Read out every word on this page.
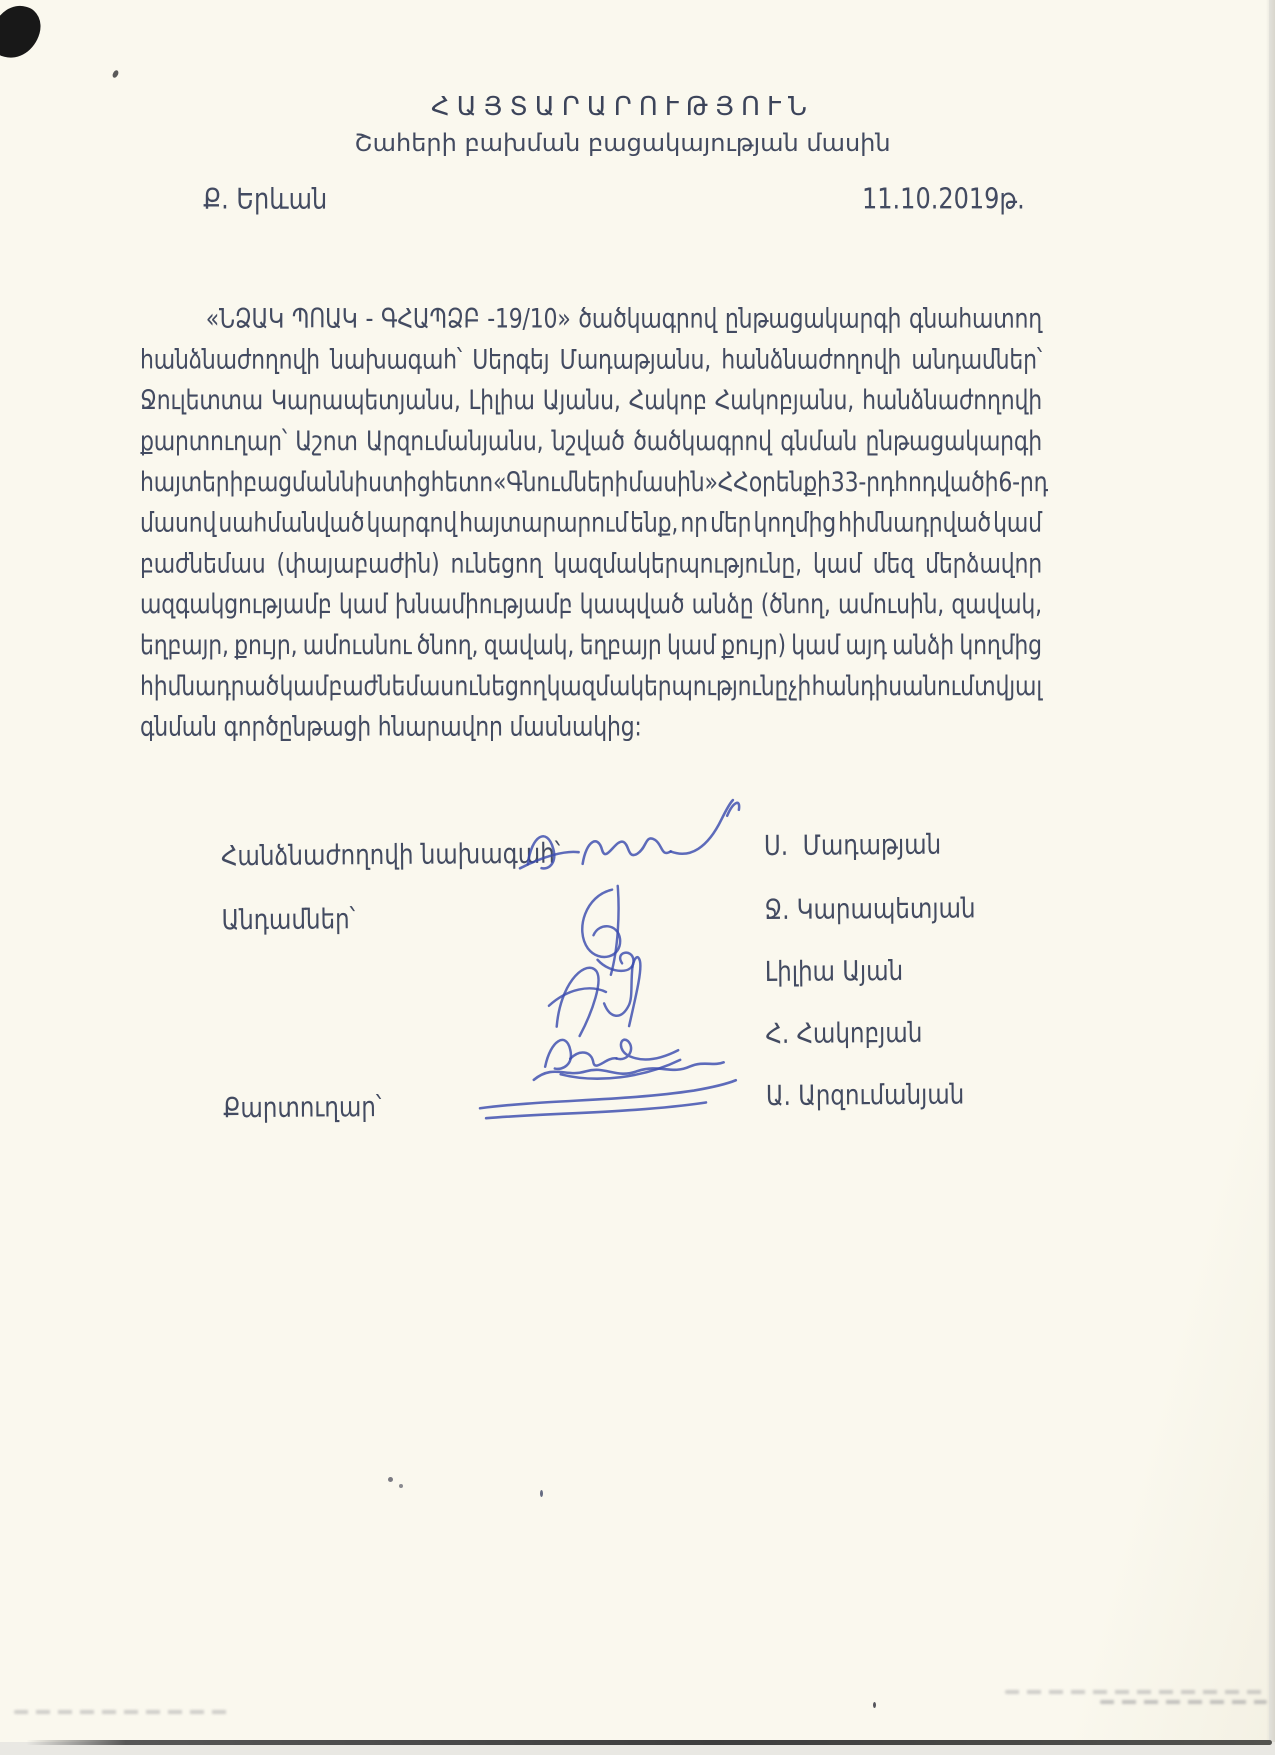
ՀԱՅՏԱՐԱՐՈՒԹՅՈՒՆ
Շահերի բախման բացակայության մասին
Ք. Երևան	11.10.2019թ.
«ՆՁԱԿ ՊՈԱԿ - ԳՀԱՊՁԲ -19/10» ծածկագրով ընթացակարգի գնահատող
հանձնաժողովի նախագահ՝ Սերգեյ Մադաթյանս, հանձնաժողովի անդամներ՝
Ջուլետտա Կարապետյանս, Լիլիա Այանս, Հակոբ Հակոբյանս, հանձնաժողովի
քարտուղար՝ Աշոտ Արզումանյանս, նշված ծածկագրով գնման ընթացակարգի
հայտերի բացման նիստից հետո «Գնումների մասին» ՀՀ օրենքի 33-րդ հոդվածի 6-րդ
մասով սահմանված կարգով հայտարարում ենք, որ մեր կողմից հիմնադրված կամ
բաժնեմաս (փայաբաժին) ունեցող կազմակերպությունը, կամ մեզ մերձավոր
ազգակցությամբ կամ խնամիությամբ կապված անձը (ծնող, ամուսին, զավակ,
եղբայր, քույր, ամուսնու ծնող, զավակ, եղբայր կամ քույր) կամ այդ անձի կողմից
հիմնադրած կամ բաժնեմաս ունեցող կազմակերպությունը չի հանդիսանում տվյալ
գնման գործընթացի հնարավոր մասնակից:
Հանձնաժողովի նախագահ՝	Ս.  Մադաթյան
Անդամներ՝	Ջ. Կարապետյան
Լիլիա Այան
Հ. Հակոբյան
Քարտուղար՝	Ա. Արզումանյան
